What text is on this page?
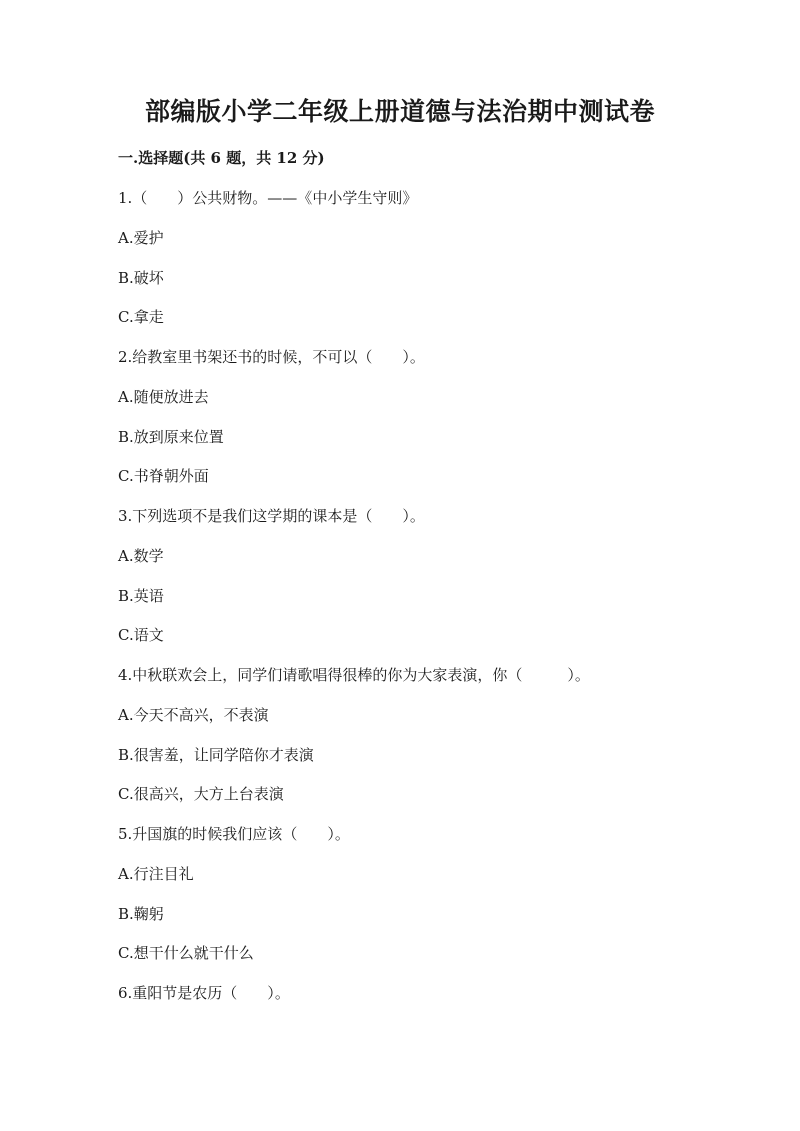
部编版小学二年级上册道德与法治期中测试卷
一.选择题(共 6 题，共 12 分)
1.（　　）公共财物。——《中小学生守则》
A.爱护
B.破坏
C.拿走
2.给教室里书架还书的时候，不可以（　　）。
A.随便放进去
B.放到原来位置
C.书脊朝外面
3.下列选项不是我们这学期的课本是（　　）。
A.数学
B.英语
C.语文
4.中秋联欢会上，同学们请歌唱得很棒的你为大家表演，你（　　　）。
A.今天不高兴，不表演
B.很害羞，让同学陪你才表演
C.很高兴，大方上台表演
5.升国旗的时候我们应该（　　）。
A.行注目礼
B.鞠躬
C.想干什么就干什么
6.重阳节是农历（　　）。
